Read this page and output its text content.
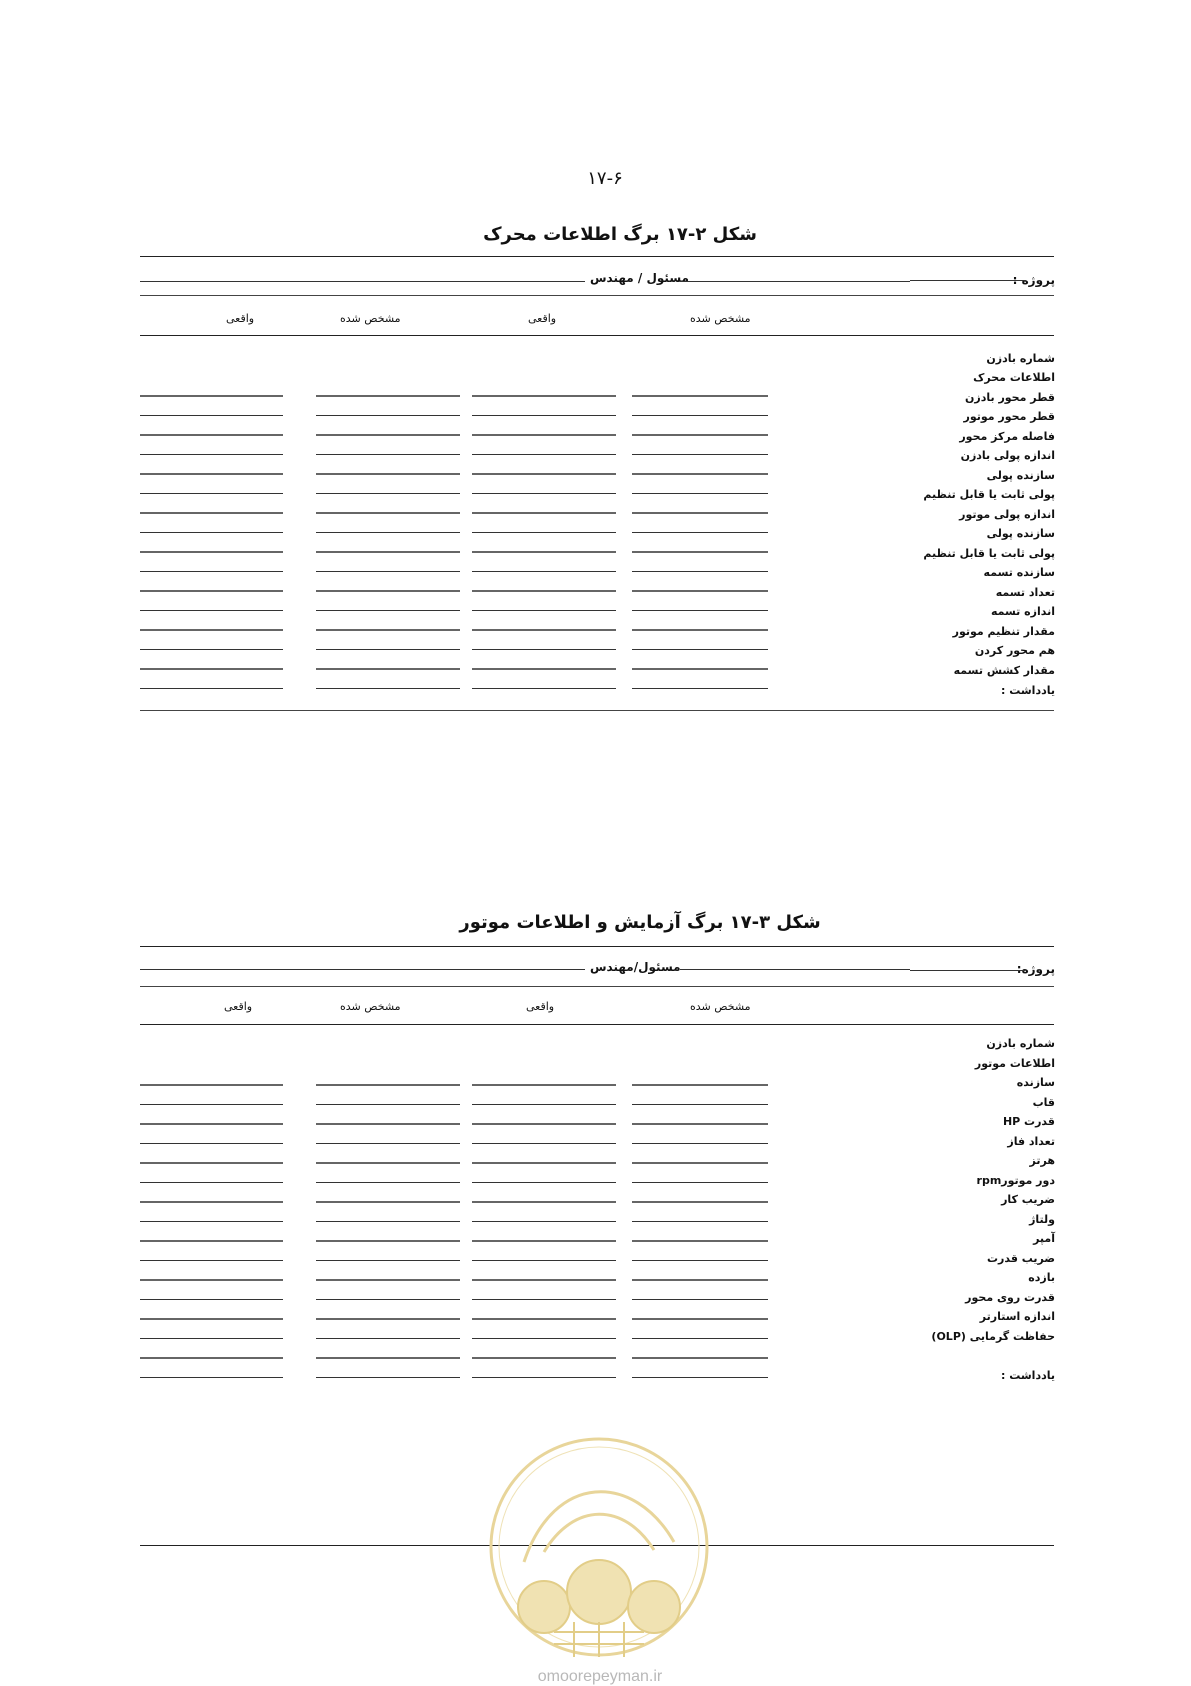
۱۷-۶
شکل ۲-۱۷ برگ اطلاعات محرک
پروژه :
مسئول / مهندس
مشخص شده
واقعی
مشخص شده
واقعی
شماره بادزن
اطلاعات محرک
قطر محور بادزن
قطر محور موتور
فاصله مرکز محور
اندازه پولی بادزن
سازنده پولی
پولی ثابت یا قابل تنظیم
اندازه پولی موتور
سازنده پولی
پولی ثابت یا قابل تنظیم
سازنده تسمه
تعداد تسمه
اندازه تسمه
مقدار تنظیم موتور
هم محور کردن
مقدار کشش تسمه
یادداشت :
شکل ۳-۱۷ برگ آزمایش و اطلاعات موتور
پروژه:
مسئول/مهندس
مشخص شده
واقعی
مشخص شده
واقعی
شماره بادزن
اطلاعات موتور
سازنده
قاب
قدرت HP
تعداد فاز
هرتز
دور موتورrpm
ضریب کار
ولتاژ
آمپر
ضریب قدرت
بازده
قدرت روی محور
اندازه استارتر
حفاظت گرمایی (OLP)
یادداشت :
omoorepeyman.ir
